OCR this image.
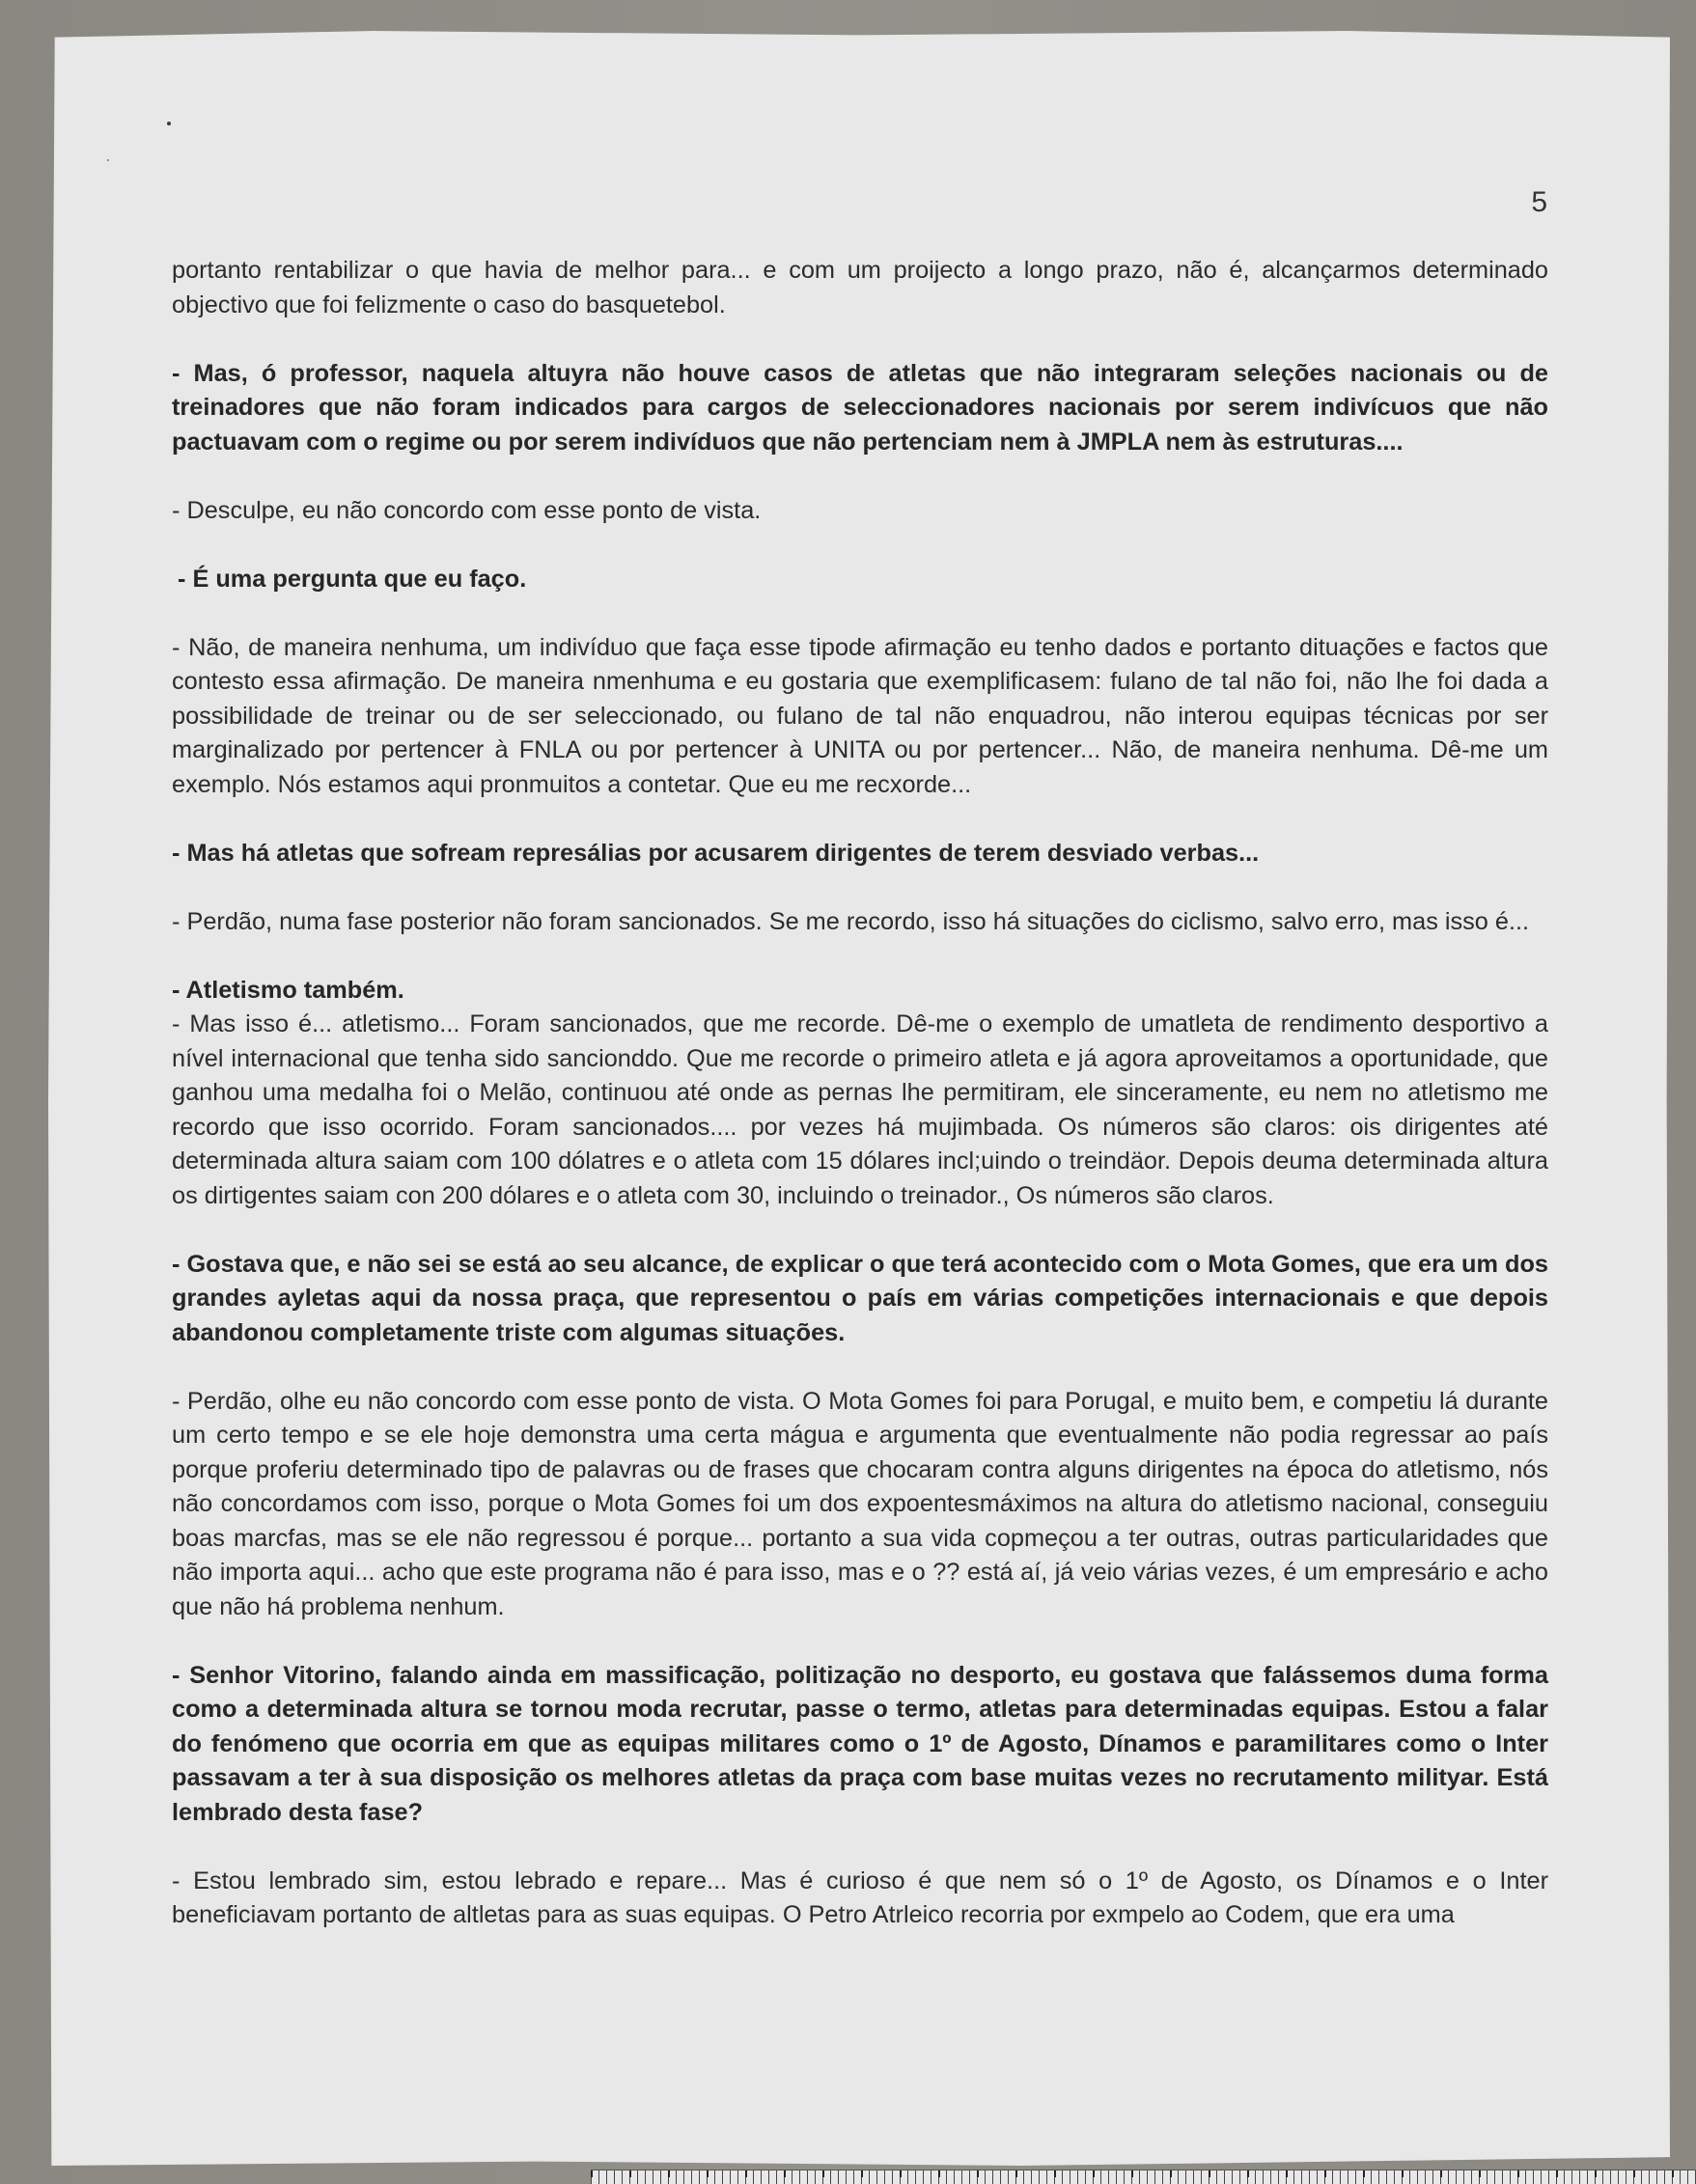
5

portanto rentabilizar o que havia de melhor para... e com um proijecto a longo prazo, não é, alcançarmos determinado objectivo que foi felizmente o caso do basquetebol.

- Mas, ó professor, naquela altuyra não houve casos de atletas que não integraram seleções nacionais ou de treinadores que não foram indicados para cargos de seleccionadores nacionais por serem indivícuos que não pactuavam com o regime ou por serem indivíduos que não pertenciam nem à JMPLA nem às estruturas....

- Desculpe, eu não concordo com esse ponto de vista.

- É uma pergunta que eu faço.

- Não, de maneira nenhuma, um indivíduo que faça esse tipode afirmação eu tenho dados e portanto dituações e factos que contesto essa afirmação. De maneira nmenhuma e eu gostaria que exemplificasem: fulano de tal não foi, não lhe foi dada a possibilidade de treinar ou de ser seleccionado, ou fulano de tal não enquadrou, não interou equipas técnicas por ser marginalizado por pertencer à FNLA ou por pertencer à UNITA ou por pertencer... Não, de maneira nenhuma. Dê-me um exemplo. Nós estamos aqui pronmuitos a contetar. Que eu me recxorde...

- Mas há atletas que sofream represálias por acusarem dirigentes de terem desviado verbas...

- Perdão, numa fase posterior não foram sancionados. Se me recordo, isso há situações do ciclismo, salvo erro, mas isso é...

- Atletismo também.

- Mas isso é... atletismo... Foram sancionados, que me recorde. Dê-me o exemplo de umatleta de rendimento desportivo a nível internacional que tenha sido sancionddo. Que me recorde o primeiro atleta e já agora aproveitamos a oportunidade, que ganhou uma medalha foi o Melão, continuou até onde as pernas lhe permitiram, ele sinceramente, eu nem no atletismo me recordo que isso ocorrido. Foram sancionados.... por vezes há mujimbada. Os números são claros: ois dirigentes até determinada altura saiam com 100 dólatres e o atleta com 15 dólares incl;uindo o treindäor. Depois deuma determinada altura os dirtigentes saiam con 200 dólares e o atleta com 30, incluindo o treinador., Os números são claros.

- Gostava que, e não sei se está ao seu alcance, de explicar o que terá acontecido com o Mota Gomes, que era um dos grandes ayletas aqui da nossa praça, que representou o país em várias competições internacionais e que depois abandonou completamente triste com algumas situações.

- Perdão, olhe eu não concordo com esse ponto de vista. O Mota Gomes foi para Porugal, e muito bem, e competiu lá durante um certo tempo e se ele hoje demonstra uma certa mágua e argumenta que eventualmente não podia regressar ao país porque proferiu determinado tipo de palavras ou de frases que chocaram contra alguns dirigentes na época do atletismo, nós não concordamos com isso, porque o Mota Gomes foi um dos expoentesmáximos na altura do atletismo nacional, conseguiu boas marcfas, mas se ele não regressou é porque... portanto a sua vida copmeçou a ter outras, outras particularidades que não importa aqui... acho que este programa não é para isso, mas e o ?? está aí, já veio várias vezes, é um empresário e acho que não há problema nenhum.

- Senhor Vitorino, falando ainda em massificação, politização no desporto, eu gostava que falássemos duma forma como a determinada altura se tornou moda recrutar, passe o termo, atletas para determinadas equipas. Estou a falar do fenómeno que ocorria em que as equipas militares como o 1º de Agosto, Dínamos e paramilitares como o Inter passavam a ter à sua disposição os melhores atletas da praça com base muitas vezes no recrutamento milityar. Está lembrado desta fase?

- Estou lembrado sim, estou lebrado e repare... Mas é curioso é que nem só o 1º de Agosto, os Dínamos e o Inter beneficiavam portanto de altletas para as suas equipas. O Petro Atrleico recorria por exmpelo ao Codem, que era uma
